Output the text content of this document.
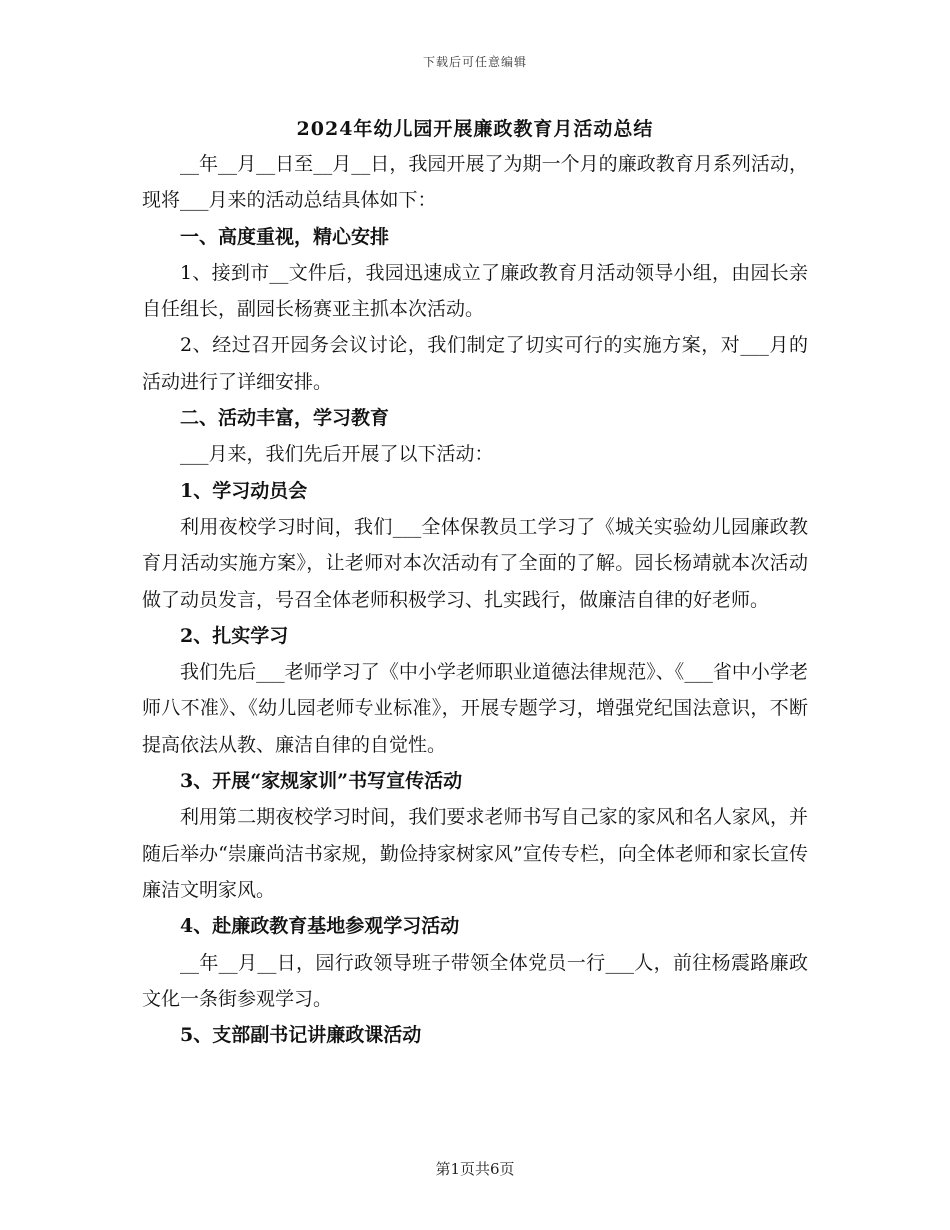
下载后可任意编辑
2024年幼儿园开展廉政教育月活动总结

__年__月__日至__月__日，我园开展了为期一个月的廉政教育月系列活动，现将___月来的活动总结具体如下：

一、高度重视，精心安排

1、接到市__文件后，我园迅速成立了廉政教育月活动领导小组，由园长亲自任组长，副园长杨赛亚主抓本次活动。

2、经过召开园务会议讨论，我们制定了切实可行的实施方案，对___月的活动进行了详细安排。

二、活动丰富，学习教育

___月来，我们先后开展了以下活动：

1、学习动员会

利用夜校学习时间，我们___全体保教员工学习了《城关实验幼儿园廉政教育月活动实施方案》，让老师对本次活动有了全面的了解。园长杨靖就本次活动做了动员发言，号召全体老师积极学习、扎实践行，做廉洁自律的好老师。

2、扎实学习

我们先后___老师学习了《中小学老师职业道德法律规范》、《___省中小学老师八不准》、《幼儿园老师专业标准》，开展专题学习，增强党纪国法意识，不断提高依法从教、廉洁自律的自觉性。

3、开展“家规家训”书写宣传活动

利用第二期夜校学习时间，我们要求老师书写自己家的家风和名人家风，并随后举办“崇廉尚洁书家规，勤俭持家树家风”宣传专栏，向全体老师和家长宣传廉洁文明家风。

4、赴廉政教育基地参观学习活动

__年__月__日，园行政领导班子带领全体党员一行___人，前往杨震路廉政文化一条街参观学习。

5、支部副书记讲廉政课活动
第1页共6页
